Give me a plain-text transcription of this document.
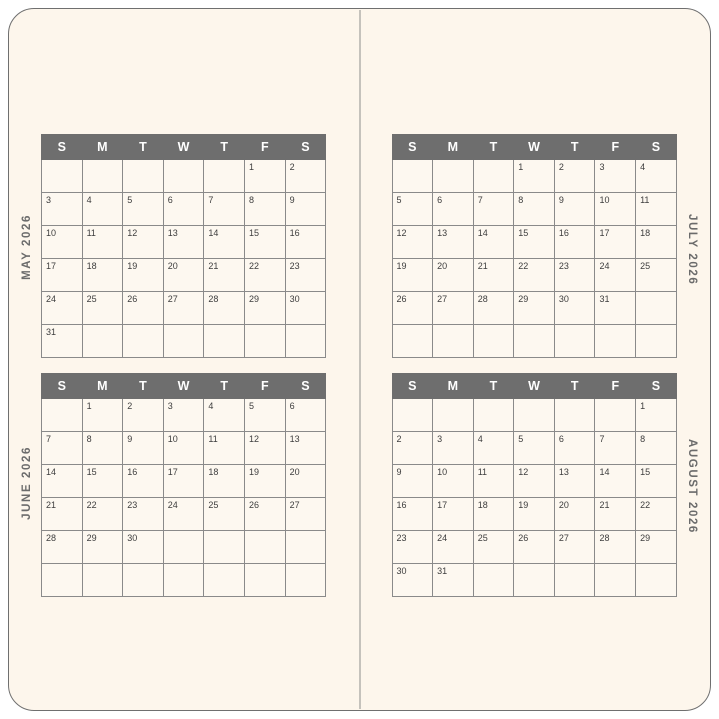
MAY 2026
JUNE 2026
S	M	T	W	T	F	S

					1	2

3	4	5	6	7	8	9

10	11	12	13	14	15	16

17	18	19	20	21	22	23

24	25	26	27	28	29	30

31						

S	M	T	W	T	F	S

	1	2	3	4	5	6

7	8	9	10	11	12	13

14	15	16	17	18	19	20

21	22	23	24	25	26	27

28	29	30				

JULY 2026
AUGUST 2026
S	M	T	W	T	F	S

			1	2	3	4

5	6	7	8	9	10	11

12	13	14	15	16	17	18

19	20	21	22	23	24	25

26	27	28	29	30	31	

S	M	T	W	T	F	S

						1

2	3	4	5	6	7	8

9	10	11	12	13	14	15

16	17	18	19	20	21	22

23	24	25	26	27	28	29

30	31					
